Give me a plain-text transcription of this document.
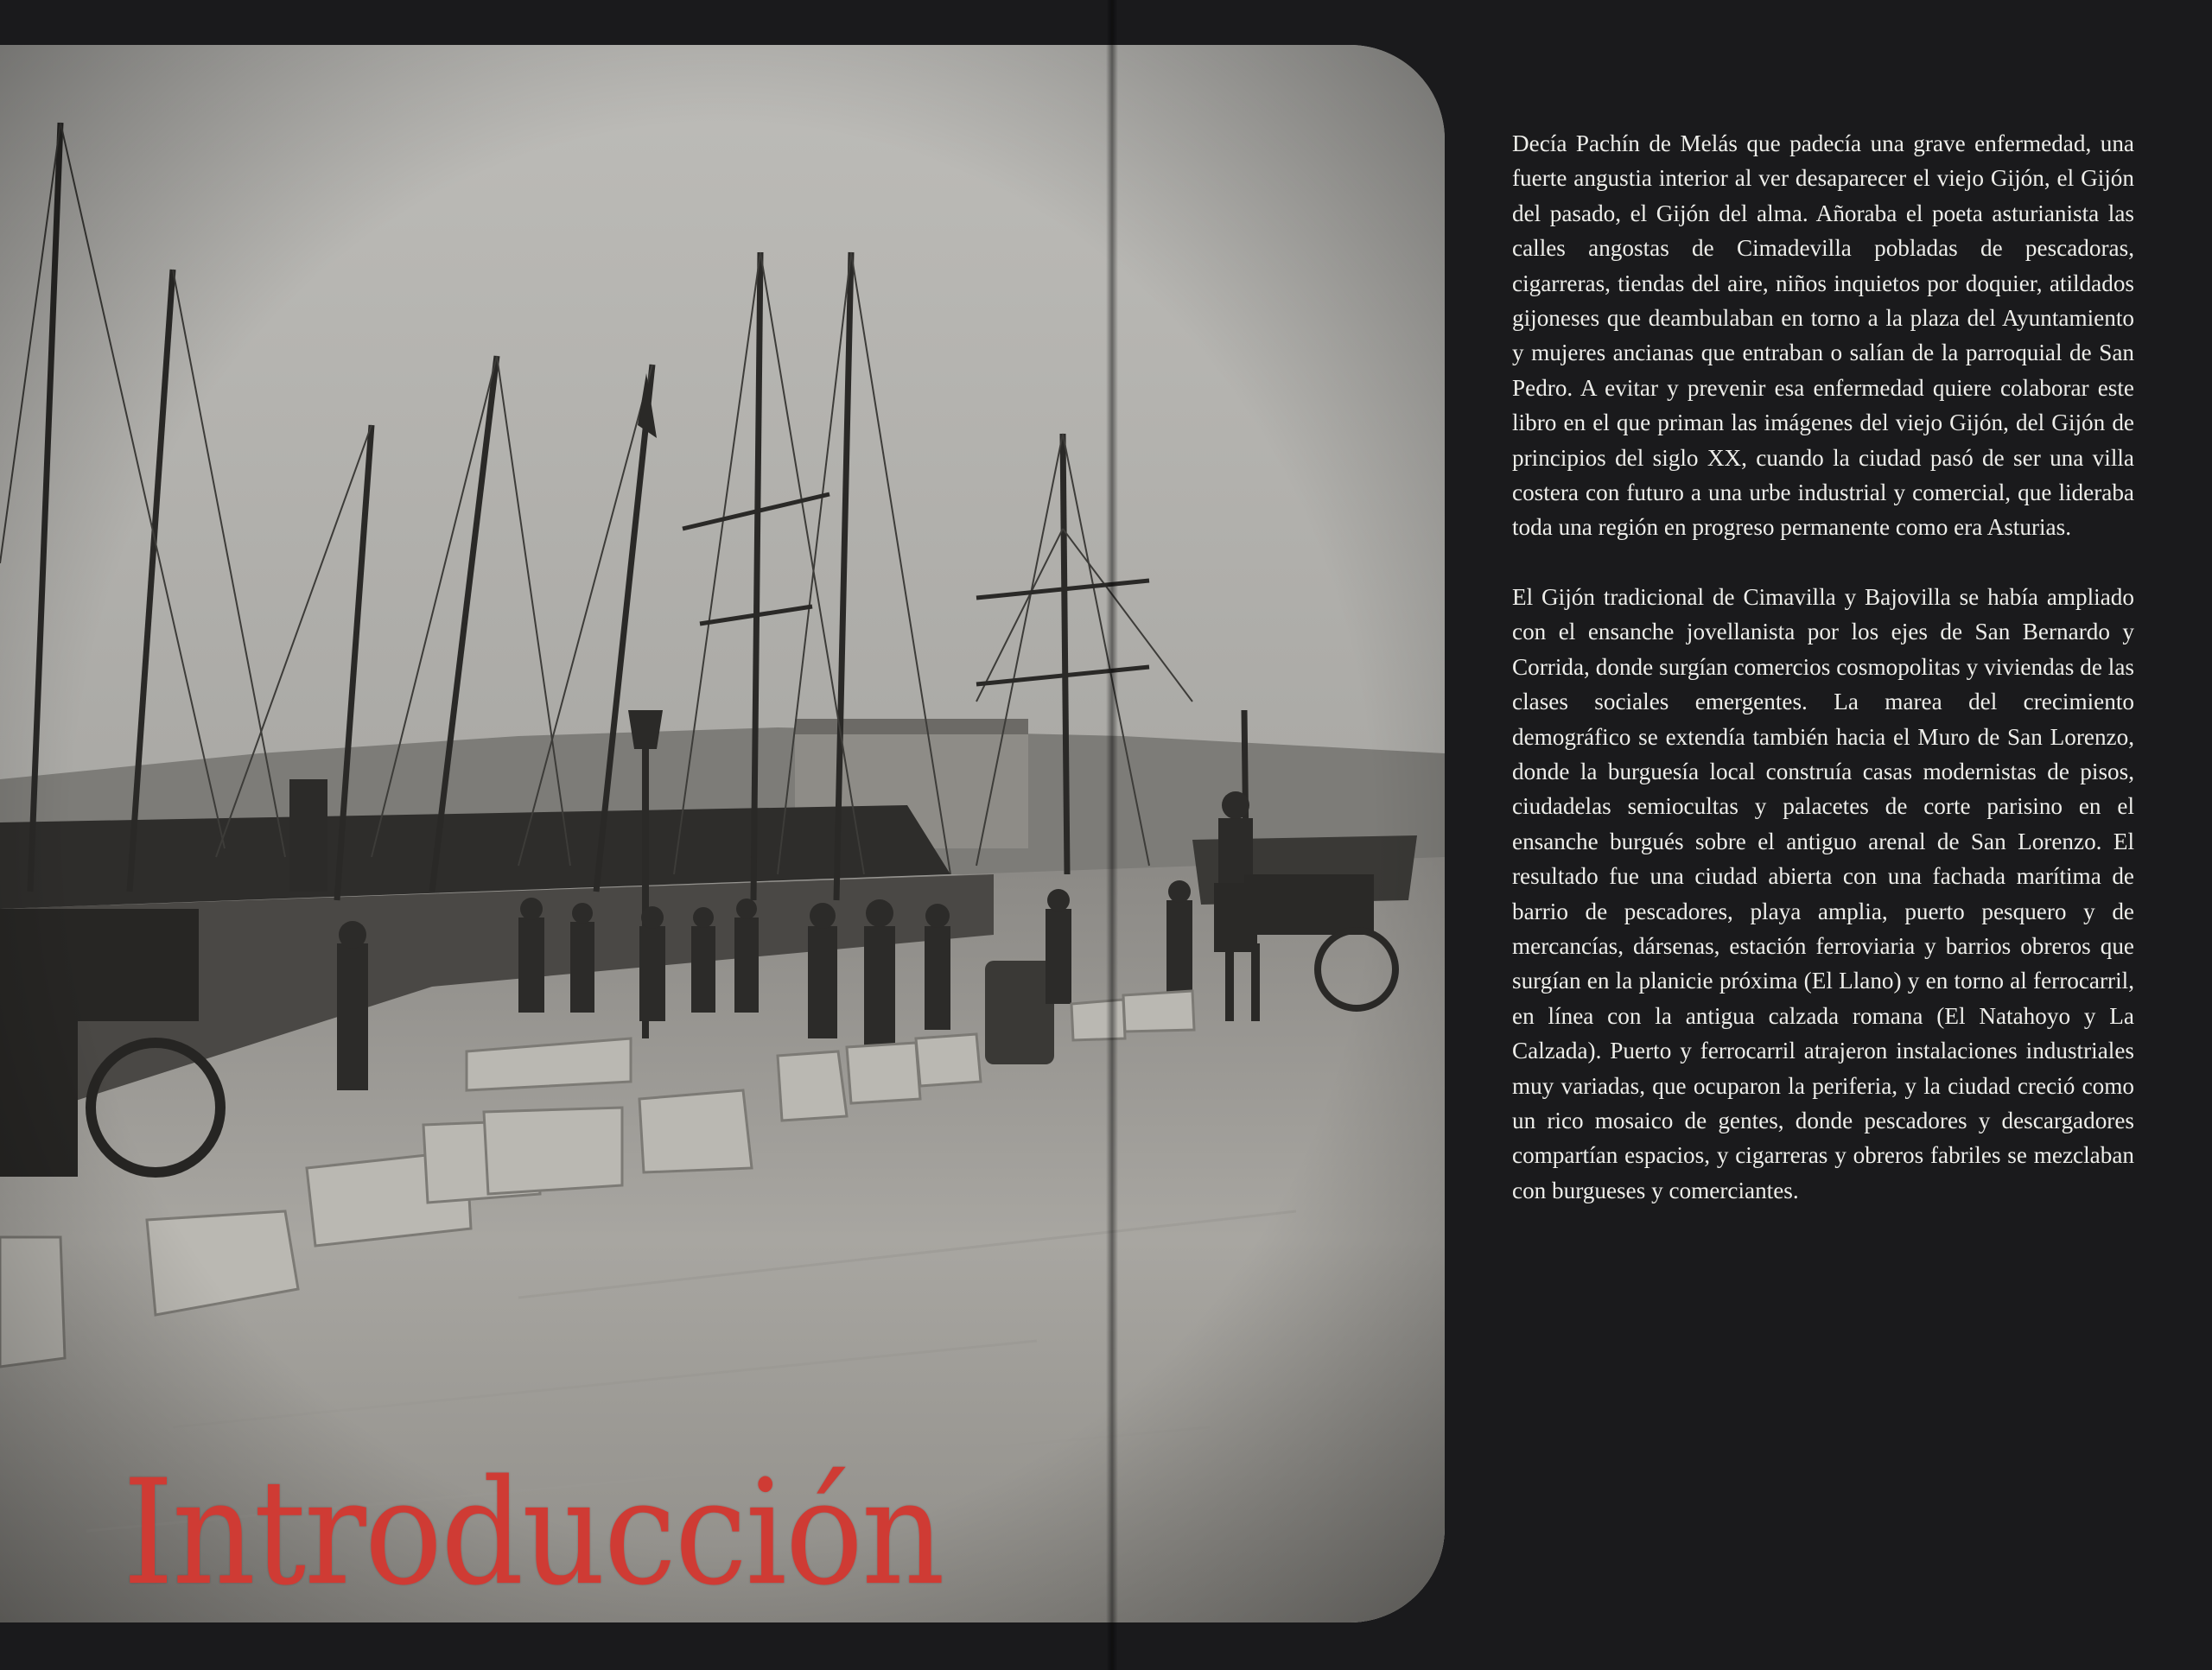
Introducción

Decía Pachín de Melás que padecía una grave enfermedad, una fuerte angustia interior al ver desaparecer el viejo Gijón, el Gijón del pasado, el Gijón del alma. Añoraba el poeta asturianista las calles angostas de Cimadevilla pobladas de pescadoras, cigarreras, tiendas del aire, niños inquietos por doquier, atildados gijoneses que deambulaban en torno a la plaza del Ayuntamiento y mujeres ancianas que entraban o salían de la parroquial de San Pedro. A evitar y prevenir esa enfermedad quiere colaborar este libro en el que priman las imágenes del viejo Gijón, del Gijón de principios del siglo XX, cuando la ciudad pasó de ser una villa costera con futuro a una urbe industrial y comercial, que lideraba toda una región en progreso permanente como era Asturias.

El Gijón tradicional de Cimavilla y Bajovilla se había ampliado con el ensanche jovellanista por los ejes de San Bernardo y Corrida, donde surgían comercios cosmopolitas y viviendas de las clases sociales emergentes. La marea del crecimiento demográfico se extendía también hacia el Muro de San Lorenzo, donde la burguesía local construía casas modernistas de pisos, ciudadelas semiocultas y palacetes de corte parisino en el ensanche burgués sobre el antiguo arenal de San Lorenzo. El resultado fue una ciudad abierta con una fachada marítima de barrio de pescadores, playa amplia, puerto pesquero y de mercancías, dársenas, estación ferroviaria y barrios obreros que surgían en la planicie próxima (El Llano) y en torno al ferrocarril, en línea con la antigua calzada romana (El Natahoyo y La Calzada). Puerto y ferrocarril atrajeron instalaciones industriales muy variadas, que ocuparon la periferia, y la ciudad creció como un rico mosaico de gentes, donde pescadores y descargadores compartían espacios, y cigarreras y obreros fabriles se mezclaban con burgueses y comerciantes.
